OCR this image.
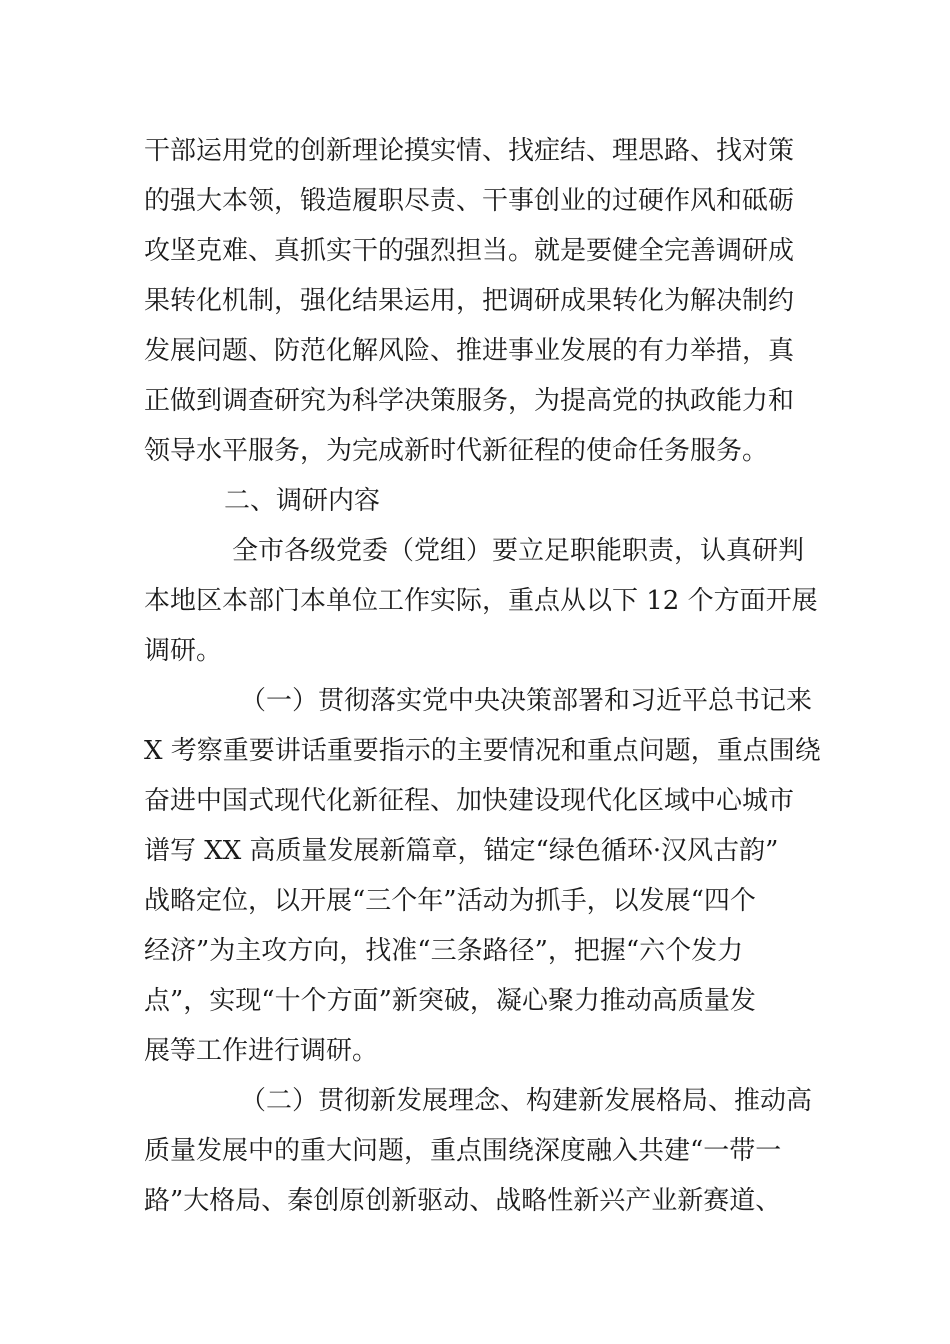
干部运用党的创新理论摸实情、找症结、理思路、找对策
的强大本领，锻造履职尽责、干事创业的过硬作风和砥砺
攻坚克难、真抓实干的强烈担当。就是要健全完善调研成
果转化机制，强化结果运用，把调研成果转化为解决制约
发展问题、防范化解风险、推进事业发展的有力举措，真
正做到调查研究为科学决策服务，为提高党的执政能力和
领导水平服务，为完成新时代新征程的使命任务服务。
二、调研内容
全市各级党委（党组）要立足职能职责，认真研判
本地区本部门本单位工作实际，重点从以下 12 个方面开展
调研。
（一）贯彻落实党中央决策部署和习近平总书记来
X 考察重要讲话重要指示的主要情况和重点问题，重点围绕
奋进中国式现代化新征程、加快建设现代化区域中心城市
谱写 XX 高质量发展新篇章，锚定“绿色循环·汉风古韵”
战略定位，以开展“三个年”活动为抓手，以发展“四个
经济”为主攻方向，找准“三条路径”，把握“六个发力
点”，实现“十个方面”新突破，凝心聚力推动高质量发
展等工作进行调研。
（二）贯彻新发展理念、构建新发展格局、推动高
质量发展中的重大问题，重点围绕深度融入共建“一带一
路”大格局、秦创原创新驱动、战略性新兴产业新赛道、
